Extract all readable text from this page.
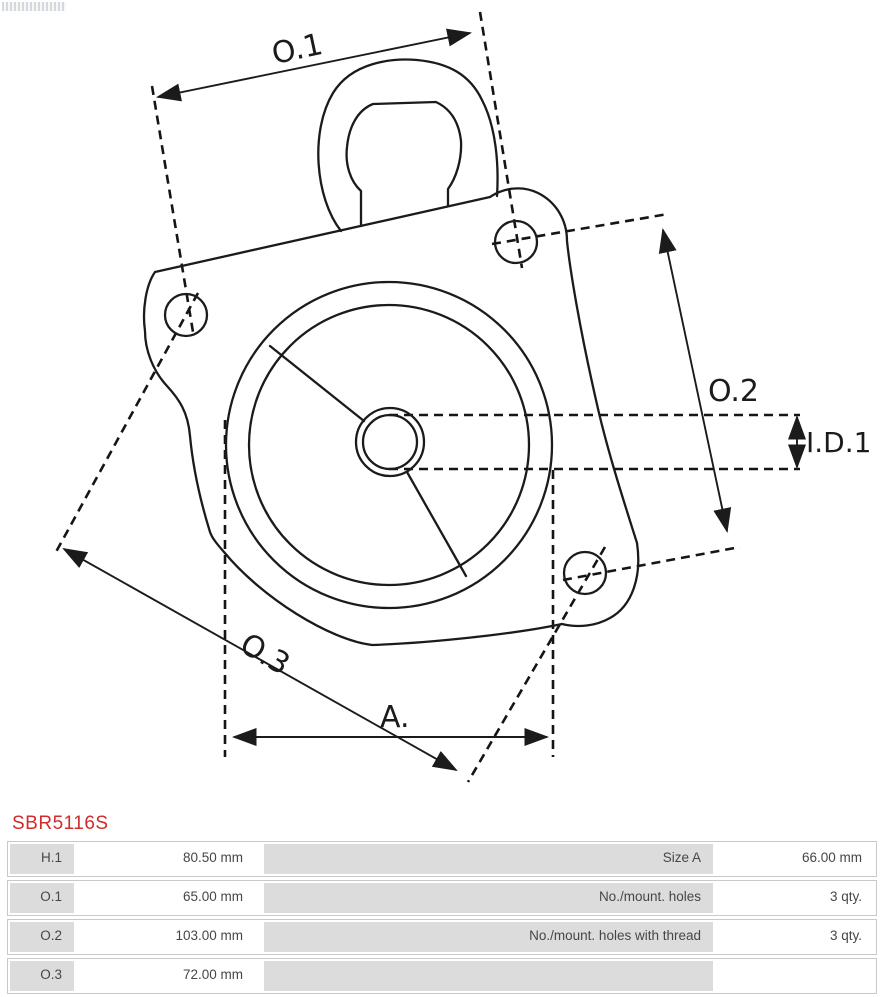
O.1
O.2
O.3
A.
I.D.1
SBR5116S
H.1	80.50 mm	Size A	66.00 mm
O.1	65.00 mm	No./mount. holes	3 qty.
O.2	103.00 mm	No./mount. holes with thread	3 qty.
O.3	72.00 mm
